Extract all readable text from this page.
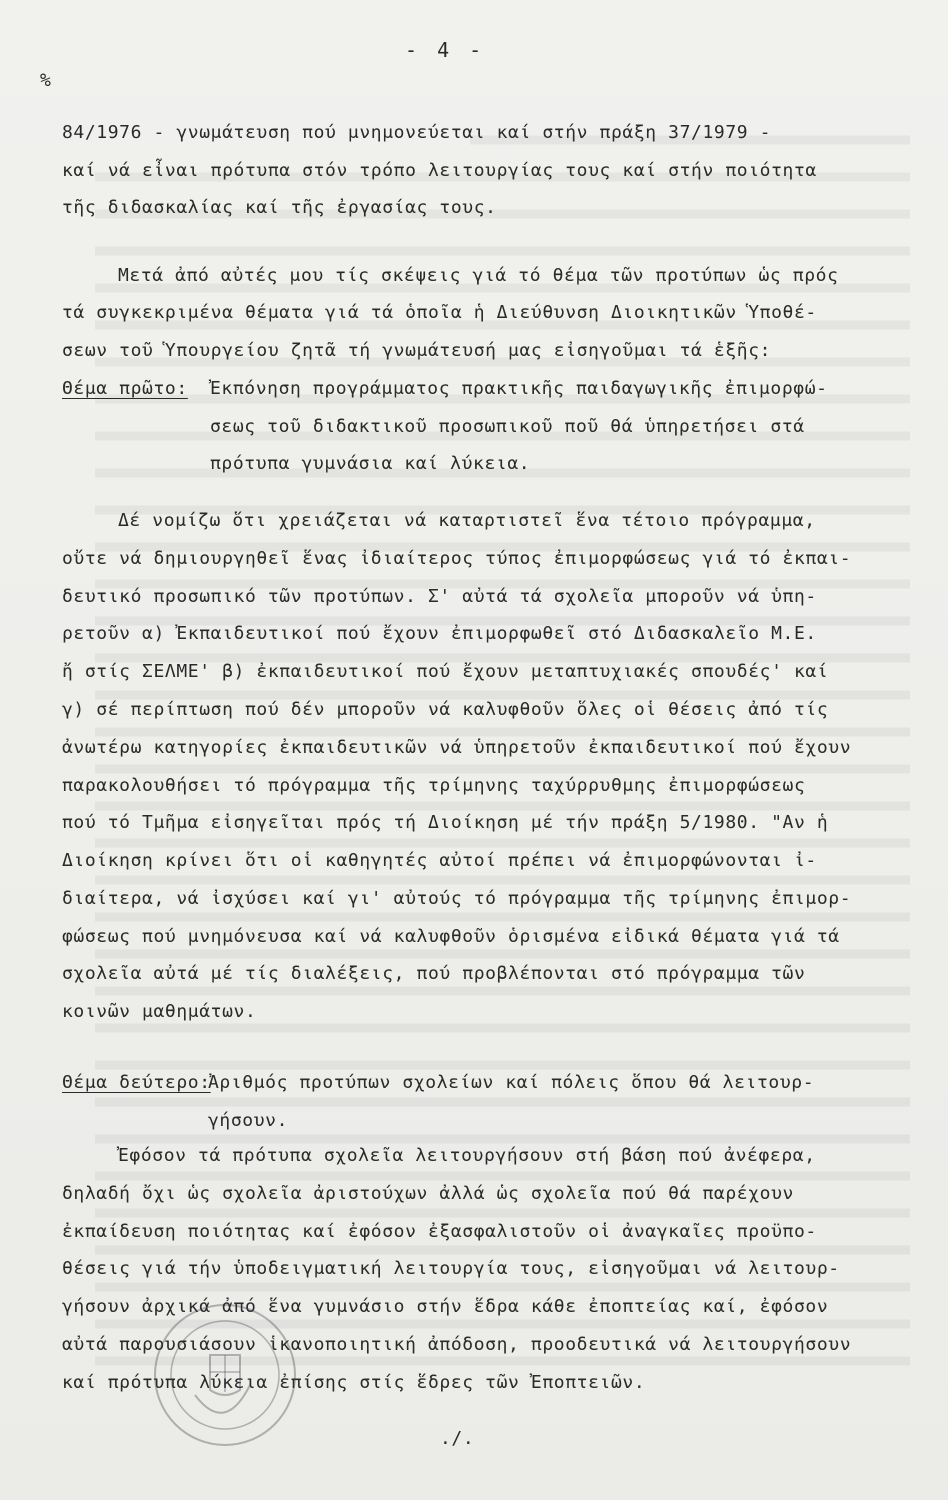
- 4 -
%
84/1976 - γνωμάτευση πού μνημονεύεται καί στήν πράξη 37/1979 -
καί νά εἶναι πρότυπα στόν τρόπο λειτουργίας τους καί στήν ποιότητα
τῆς διδασκαλίας καί τῆς ἐργασίας τους.
Μετά ἀπό αὐτές μου τίς σκέψεις γιά τό θέμα τῶν προτύπων ὡς πρός
τά συγκεκριμένα θέματα γιά τά ὁποῖα ἡ Διεύθυνση Διοικητικῶν Ὑποθέ-
σεων τοῦ Ὑπουργείου ζητᾶ τή γνωμάτευσή μας εἰσηγοῦμαι τά ἑξῆς:
Θέμα πρῶτο: Ἐκπόνηση προγράμματος πρακτικῆς παιδαγωγικῆς ἐπιμορφώ-
σεως τοῦ διδακτικοῦ προσωπικοῦ ποῦ θά ὑπηρετήσει στά
πρότυπα γυμνάσια καί λύκεια.
Δέ νομίζω ὅτι χρειάζεται νά καταρτιστεῖ ἕνα τέτοιο πρόγραμμα,
οὔτε νά δημιουργηθεῖ ἕνας ἰδιαίτερος τύπος ἐπιμορφώσεως γιά τό ἐκπαι-
δευτικό προσωπικό τῶν προτύπων. Σ' αὐτά τά σχολεῖα μποροῦν νά ὑπη-
ρετοῦν α) Ἐκπαιδευτικοί πού ἔχουν ἐπιμορφωθεῖ στό Διδασκαλεῖο Μ.Ε.
ἤ στίς ΣΕΛΜΕ' β) ἐκπαιδευτικοί πού ἔχουν μεταπτυχιακές σπουδές' καί
γ) σέ περίπτωση πού δέν μποροῦν νά καλυφθοῦν ὅλες οἱ θέσεις ἀπό τίς
ἀνωτέρω κατηγορίες ἐκπαιδευτικῶν νά ὑπηρετοῦν ἐκπαιδευτικοί πού ἔχουν
παρακολουθήσει τό πρόγραμμα τῆς τρίμηνης ταχύρρυθμης ἐπιμορφώσεως
πού τό Τμῆμα εἰσηγεῖται πρός τή Διοίκηση μέ τήν πράξη 5/1980. "Αν ἡ
Διοίκηση κρίνει ὅτι οἱ καθηγητές αὐτοί πρέπει νά ἐπιμορφώνονται ἰ-
διαίτερα, νά ἰσχύσει καί γι' αὐτούς τό πρόγραμμα τῆς τρίμηνης ἐπιμορ-
φώσεως πού μνημόνευσα καί νά καλυφθοῦν ὁρισμένα εἰδικά θέματα γιά τά
σχολεῖα αὐτά μέ τίς διαλέξεις, πού προβλέπονται στό πρόγραμμα τῶν
κοινῶν μαθημάτων.
Θέμα δεύτερο:
Ἀριθμός προτύπων σχολείων καί πόλεις ὅπου θά λειτουρ-
γήσουν.
Ἐφόσον τά πρότυπα σχολεῖα λειτουργήσουν στή βάση πού ἀνέφερα,
δηλαδή ὄχι ὡς σχολεῖα ἀριστούχων ἀλλά ὡς σχολεῖα πού θά παρέχουν
ἐκπαίδευση ποιότητας καί ἐφόσον ἐξασφαλιστοῦν οἱ ἀναγκαῖες προϋπο-
θέσεις γιά τήν ὑποδειγματική λειτουργία τους, εἰσηγοῦμαι νά λειτουρ-
γήσουν ἀρχικά ἀπό ἕνα γυμνάσιο στήν ἕδρα κάθε ἐποπτείας καί, ἐφόσον
αὐτά παρουσιάσουν ἱκανοποιητική ἀπόδοση, προοδευτικά νά λειτουργήσουν
καί πρότυπα λύκεια ἐπίσης στίς ἕδρες τῶν Ἐποπτειῶν.
./.
